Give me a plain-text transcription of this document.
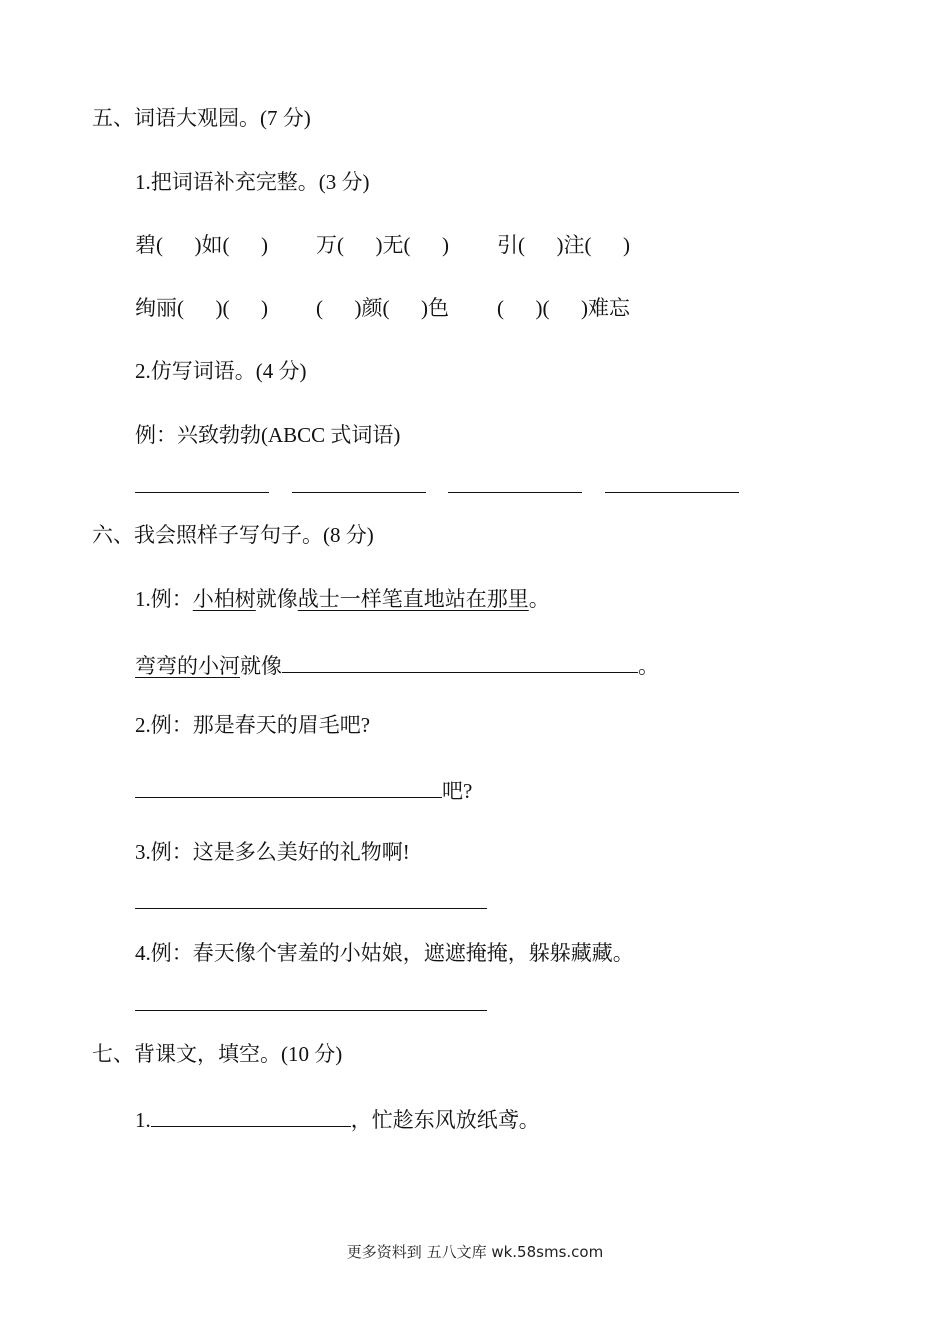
五、词语大观园。(7 分)
1.把词语补充完整。(3 分)
碧(      )如(      ) 万(      )无(      ) 引(      )注(      )
绚丽(      )(      ) (      )颜(      )色 (      )(      )难忘
2.仿写词语。(4 分)
例：兴致勃勃(ABCC 式词语)
六、我会照样子写句子。(8 分)
1.例：小柏树就像战士一样笔直地站在那里。
弯弯的小河就像	。
2.例：那是春天的眉毛吧?
吧?
3.例：这是多么美好的礼物啊!
4.例：春天像个害羞的小姑娘，遮遮掩掩，躲躲藏藏。
七、背课文，填空。(10 分)
1.	，忙趁东风放纸鸢。
更多资料到 五八文库 wk.58sms.com
